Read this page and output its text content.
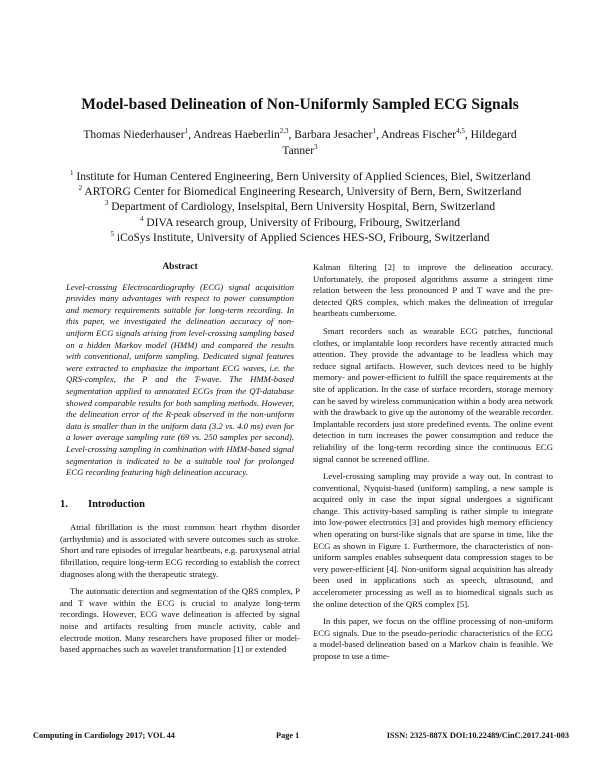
Model-based Delineation of Non-Uniformly Sampled ECG Signals
Thomas Niederhauser$^1$, Andreas Haeberlin$^{2,3}$, Barbara Jesacher$^1$, Andreas Fischer$^{4,5}$, Hildegard Tanner$^3$
$^1$ Institute for Human Centered Engineering, Bern University of Applied Sciences, Biel, Switzerland
$^2$ ARTORG Center for Biomedical Engineering Research, University of Bern, Bern, Switzerland
$^3$ Department of Cardiology, Inselspital, Bern University Hospital, Bern, Switzerland
$^4$ DIVA research group, University of Fribourg, Fribourg, Switzerland
$^5$ iCoSys Institute, University of Applied Sciences HES-SO, Fribourg, Switzerland
Abstract

Level-crossing Electrocardiography (ECG) signal acquisition provides many advantages with respect to power consumption and memory requirements suitable for long-term recording. In this paper, we investigated the delineation accuracy of non-uniform ECG signals arising from level-crossing sampling based on a hidden Markov model (HMM) and compared the results with conventional, uniform sampling. Dedicated signal features were extracted to emphasize the important ECG waves, i.e. the QRS-complex, the P and the T-wave. The HMM-based segmentation applied to annotated ECGs from the QT-database showed comparable results for both sampling methods. However, the delineation error of the R-peak observed in the non-uniform data is smaller than in the uniform data (3.2 vs. 4.0 ms) even for a lower average sampling rate (69 vs. 250 samples per second). Level-crossing sampling in combination with HMM-based signal segmentation is indicated to be a suitable tool for prolonged ECG recording featuring high delineation accuracy.

1. Introduction

Atrial fibrillation is the most common heart rhythm disorder (arrhythmia) and is associated with severe outcomes such as stroke. Short and rare episodes of irregular heartbeats, e.g. paroxysmal atrial fibrillation, require long-term ECG recording to establish the correct diagnoses along with the therapeutic strategy.

The automatic detection and segmentation of the QRS complex, P and T wave within the ECG is crucial to analyze long-term recordings. However, ECG wave delineation is affected by signal noise and artifacts resulting from muscle activity, cable and electrode motion. Many researchers have proposed filter or model-based approaches such as wavelet transformation [1] or extended

Kalman filtering [2] to improve the delineation accuracy. Unfortunately, the proposed algorithms assume a stringent time relation between the less pronounced P and T wave and the pre-detected QRS complex, which makes the delineation of irregular heartbeats cumbersome.

Smart recorders such as wearable ECG patches, functional clothes, or implantable loop recorders have recently attracted much attention. They provide the advantage to be leadless which may reduce signal artifacts. However, such devices need to be highly memory- and power-efficient to fulfill the space requirements at the site of application. In the case of surface recorders, storage memory can be saved by wireless communication within a body area network with the drawback to give up the autonomy of the wearable recorder. Implantable recorders just store predefined events. The online event detection in turn increases the power consumption and reduce the reliability of the long-term recording since the continuous ECG signal cannot be screened offline.

Level-crossing sampling may provide a way out. In contrast to conventional, Nyquist-based (uniform) sampling, a new sample is acquired only in case the input signal undergoes a significant change. This activity-based sampling is rather simple to integrate into low-power electronics [3] and provides high memory efficiency when operating on burst-like signals that are sparse in time, like the ECG as shown in Figure 1. Furthermore, the characteristics of non-uniform samples enables subsequent data compression stages to be very power-efficient [4]. Non-uniform signal acquisition has already been used in applications such as speech, ultrasound, and accelerometer processing as well as to biomedical signals such as the online detection of the QRS complex [5].

In this paper, we focus on the offline processing of non-uniform ECG signals. Due to the pseudo-periodic characteristics of the ECG a model-based delineation based on a Markov chain is feasible. We propose to use a time-

Computing in Cardiology 2017; VOL 44	Page 1	ISSN: 2325-887X DOI:10.22489/CinC.2017.241-003
